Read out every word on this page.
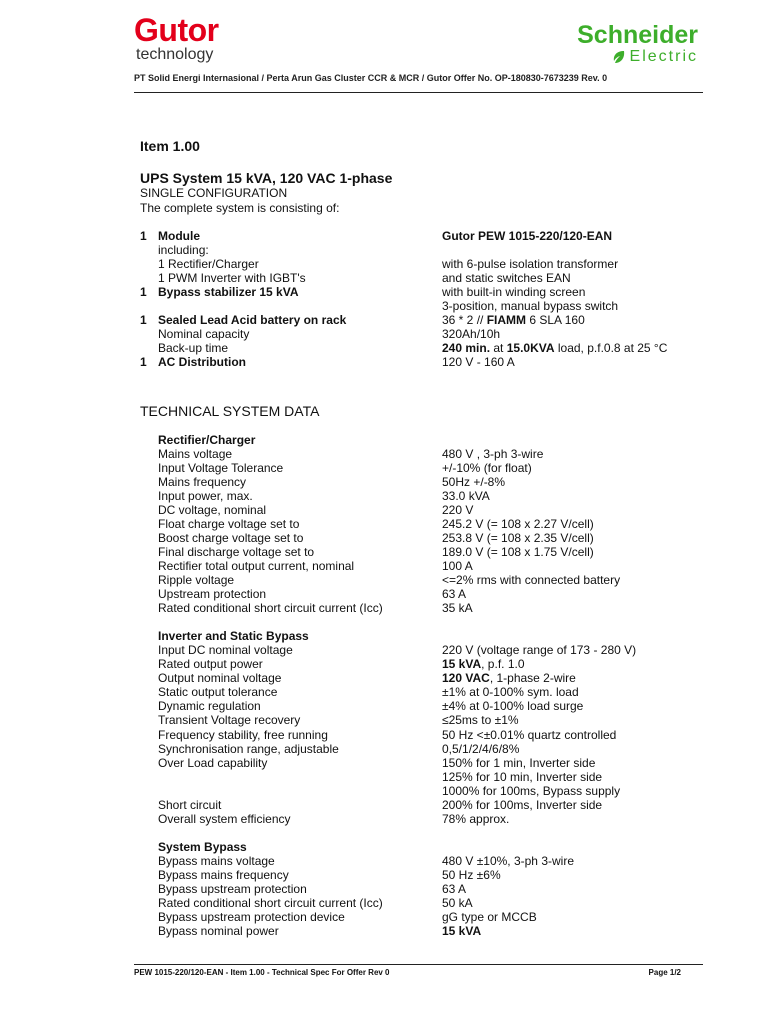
Gutor
technology
Schneider
Electric
PT Solid Energi Internasional / Perta Arun Gas Cluster CCR & MCR / Gutor Offer No. OP-180830-7673239 Rev. 0
Item 1.00
UPS System 15 kVA, 120 VAC 1-phase
SINGLE CONFIGURATION
The complete system is consisting of:
1 Module	Gutor PEW 1015-220/120-EAN
including:
1 Rectifier/Charger	with 6-pulse isolation transformer
1 PWM Inverter with IGBT's	and static switches EAN
1 Bypass stabilizer 15 kVA	with built-in winding screen
3-position, manual bypass switch
1 Sealed Lead Acid battery on rack	36 * 2 // FIAMM 6 SLA 160
Nominal capacity	320Ah/10h
Back-up time	240 min. at 15.0KVA load, p.f.0.8 at 25 °C
1 AC Distribution	120 V - 160 A
TECHNICAL SYSTEM DATA
Rectifier/Charger
Mains voltage	480 V , 3-ph 3-wire
Input Voltage Tolerance	+/-10% (for float)
Mains frequency	50Hz +/-8%
Input power, max.	33.0 kVA
DC voltage, nominal	220 V
Float charge voltage set to	245.2 V (= 108 x 2.27 V/cell)
Boost charge voltage set to	253.8 V (= 108 x 2.35 V/cell)
Final discharge voltage set to	189.0 V (= 108 x 1.75 V/cell)
Rectifier total output current, nominal	100 A
Ripple voltage	<=2% rms with connected battery
Upstream protection	63 A
Rated conditional short circuit current (Icc)	35 kA
Inverter and Static Bypass
Input DC nominal voltage	220 V (voltage range of 173 - 280 V)
Rated output power	15 kVA, p.f. 1.0
Output nominal voltage	120 VAC, 1-phase 2-wire
Static output tolerance	±1% at 0-100% sym. load
Dynamic regulation	±4% at 0-100% load surge
Transient Voltage recovery	≤25ms to ±1%
Frequency stability, free running	50 Hz <±0.01% quartz controlled
Synchronisation range, adjustable	0,5/1/2/4/6/8%
Over Load capability	150% for 1 min, Inverter side
125% for 10 min, Inverter side
1000% for 100ms, Bypass supply
Short circuit	200% for 100ms, Inverter side
Overall system efficiency	78% approx.
System Bypass
Bypass mains voltage	480 V ±10%, 3-ph 3-wire
Bypass mains frequency	50 Hz ±6%
Bypass upstream protection	63 A
Rated conditional short circuit current (Icc)	50 kA
Bypass upstream protection device	gG type or MCCB
Bypass nominal power	15 kVA
PEW 1015-220/120-EAN - Item 1.00 - Technical Spec For Offer Rev 0	Page 1/2
